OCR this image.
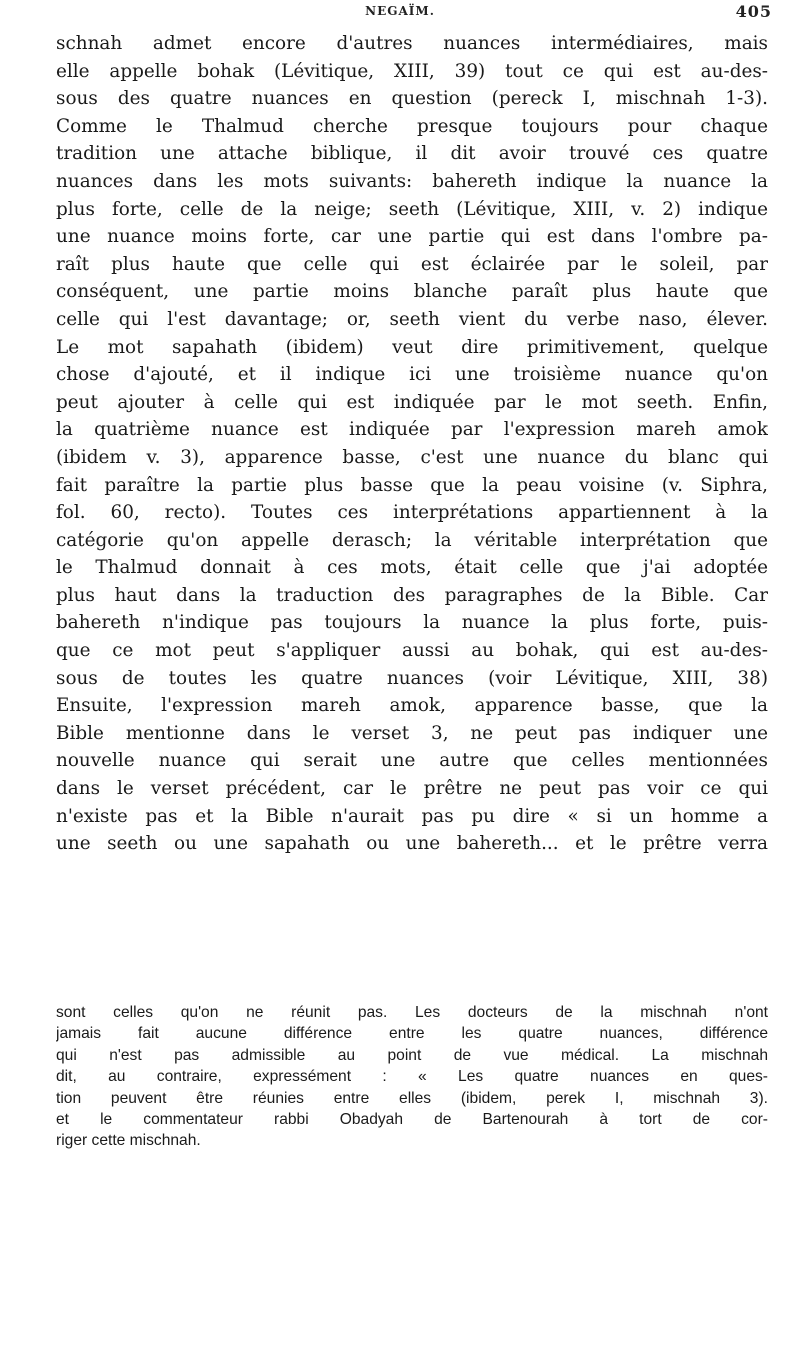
NEGAÏM.	405
schnah admet encore d'autres nuances intermédiaires, mais
elle appelle bohak (Lévitique, XIII, 39) tout ce qui est au-des-
sous des quatre nuances en question (pereck I, mischnah 1-3).
Comme le Thalmud cherche presque toujours pour chaque
tradition une attache biblique, il dit avoir trouvé ces quatre
nuances dans les mots suivants: bahereth indique la nuance la
plus forte, celle de la neige; seeth (Lévitique, XIII, v. 2) indique
une nuance moins forte, car une partie qui est dans l'ombre pa-
raît plus haute que celle qui est éclairée par le soleil, par
conséquent, une partie moins blanche paraît plus haute que
celle qui l'est davantage; or, seeth vient du verbe naso, élever.
Le mot sapahath (ibidem) veut dire primitivement, quelque
chose d'ajouté, et il indique ici une troisième nuance qu'on
peut ajouter à celle qui est indiquée par le mot seeth. Enfin,
la quatrième nuance est indiquée par l'expression mareh amok
(ibidem v. 3), apparence basse, c'est une nuance du blanc qui
fait paraître la partie plus basse que la peau voisine (v. Siphra,
fol. 60, recto). Toutes ces interprétations appartiennent à la
catégorie qu'on appelle derasch; la véritable interprétation que
le Thalmud donnait à ces mots, était celle que j'ai adoptée
plus haut dans la traduction des paragraphes de la Bible. Car
bahereth n'indique pas toujours la nuance la plus forte, puis-
que ce mot peut s'appliquer aussi au bohak, qui est au-des-
sous de toutes les quatre nuances (voir Lévitique, XIII, 38)
Ensuite, l'expression mareh amok, apparence basse, que la
Bible mentionne dans le verset 3, ne peut pas indiquer une
nouvelle nuance qui serait une autre que celles mentionnées
dans le verset précédent, car le prêtre ne peut pas voir ce qui
n'existe pas et la Bible n'aurait pas pu dire « si un homme a
une seeth ou une sapahath ou une bahereth... et le prêtre verra
sont celles qu'on ne réunit pas. Les docteurs de la mischnah n'ont
jamais fait aucune différence entre les quatre nuances, différence
qui n'est pas admissible au point de vue médical. La mischnah
dit, au contraire, expressément : « Les quatre nuances en ques-
tion peuvent être réunies entre elles (ibidem, perek I, mischnah 3).
et le commentateur rabbi Obadyah de Bartenourah à tort de cor-
riger cette mischnah.
